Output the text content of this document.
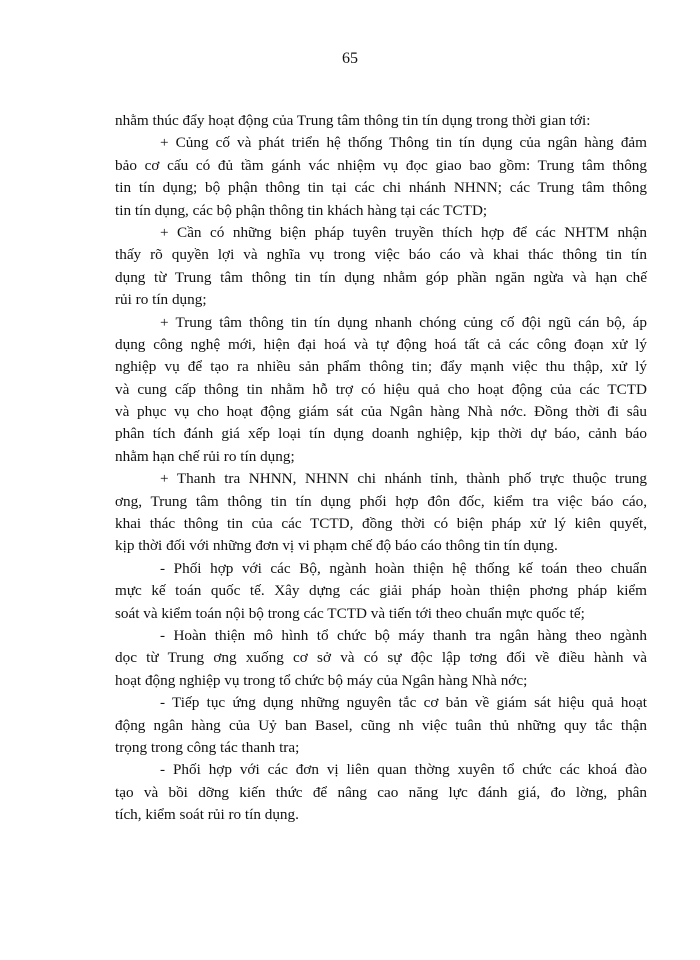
65
nhằm thúc đẩy hoạt động của Trung tâm thông tin tín dụng trong thời gian tới:
+ Củng cố và phát triển hệ thống Thông tin tín dụng của ngân hàng đảm
bảo cơ cấu có đủ tầm gánh vác nhiệm vụ đọc giao bao gồm: Trung tâm thông
tin tín dụng; bộ phận thông tin tại các chi nhánh NHNN; các Trung tâm thông
tin tín dụng, các bộ phận thông tin khách hàng tại các TCTD;
+ Cần có những biện pháp tuyên truyền thích hợp để các NHTM nhận
thấy rõ quyền lợi và nghĩa vụ trong việc báo cáo và khai thác thông tin tín
dụng từ Trung tâm thông tin tín dụng nhằm góp phần ngăn ngừa và hạn chế
rủi ro tín dụng;
+ Trung tâm thông tin tín dụng nhanh chóng củng cố đội ngũ cán bộ, áp
dụng công nghệ mới, hiện đại hoá và tự động hoá tất cả các công đoạn xử lý
nghiệp vụ để tạo ra nhiều sản phẩm thông tin; đẩy mạnh việc thu thập, xử lý
và cung cấp thông tin nhằm hỗ trợ có hiệu quả cho hoạt động của các TCTD
và phục vụ cho hoạt động giám sát của Ngân hàng Nhà nớc. Đồng thời đi sâu
phân tích đánh giá xếp loại tín dụng doanh nghiệp, kịp thời dự báo, cảnh báo
nhằm hạn chế rủi ro tín dụng;
+ Thanh tra NHNN, NHNN chi nhánh tỉnh, thành phố trực thuộc trung
ơng, Trung tâm thông tin tín dụng phối hợp đôn đốc, kiểm tra việc báo cáo,
khai thác thông tin của các TCTD, đồng thời có biện pháp xử lý kiên quyết,
kịp thời đối với những đơn vị vi phạm chế độ báo cáo thông tin tín dụng.
- Phối hợp với các Bộ, ngành hoàn thiện hệ thống kế toán theo chuẩn
mực kế toán quốc tế. Xây dựng các giải pháp hoàn thiện phơng pháp kiểm
soát và kiểm toán nội bộ trong các TCTD và tiến tới theo chuẩn mực quốc tế;
- Hoàn thiện mô hình tổ chức bộ máy thanh tra ngân hàng theo ngành
dọc từ Trung ơng xuống cơ sở và có sự độc lập tơng đối về điều hành và
hoạt động nghiệp vụ trong tổ chức bộ máy của Ngân hàng Nhà nớc;
- Tiếp tục ứng dụng những nguyên tắc cơ bản về giám sát hiệu quả hoạt
động ngân hàng của Uỷ ban Basel, cũng nh việc tuân thủ những quy tắc thận
trọng trong công tác thanh tra;
- Phối hợp với các đơn vị liên quan thờng xuyên tổ chức các khoá đào
tạo và bồi dỡng kiến thức để nâng cao năng lực đánh giá, đo lờng, phân
tích, kiểm soát rủi ro tín dụng.
